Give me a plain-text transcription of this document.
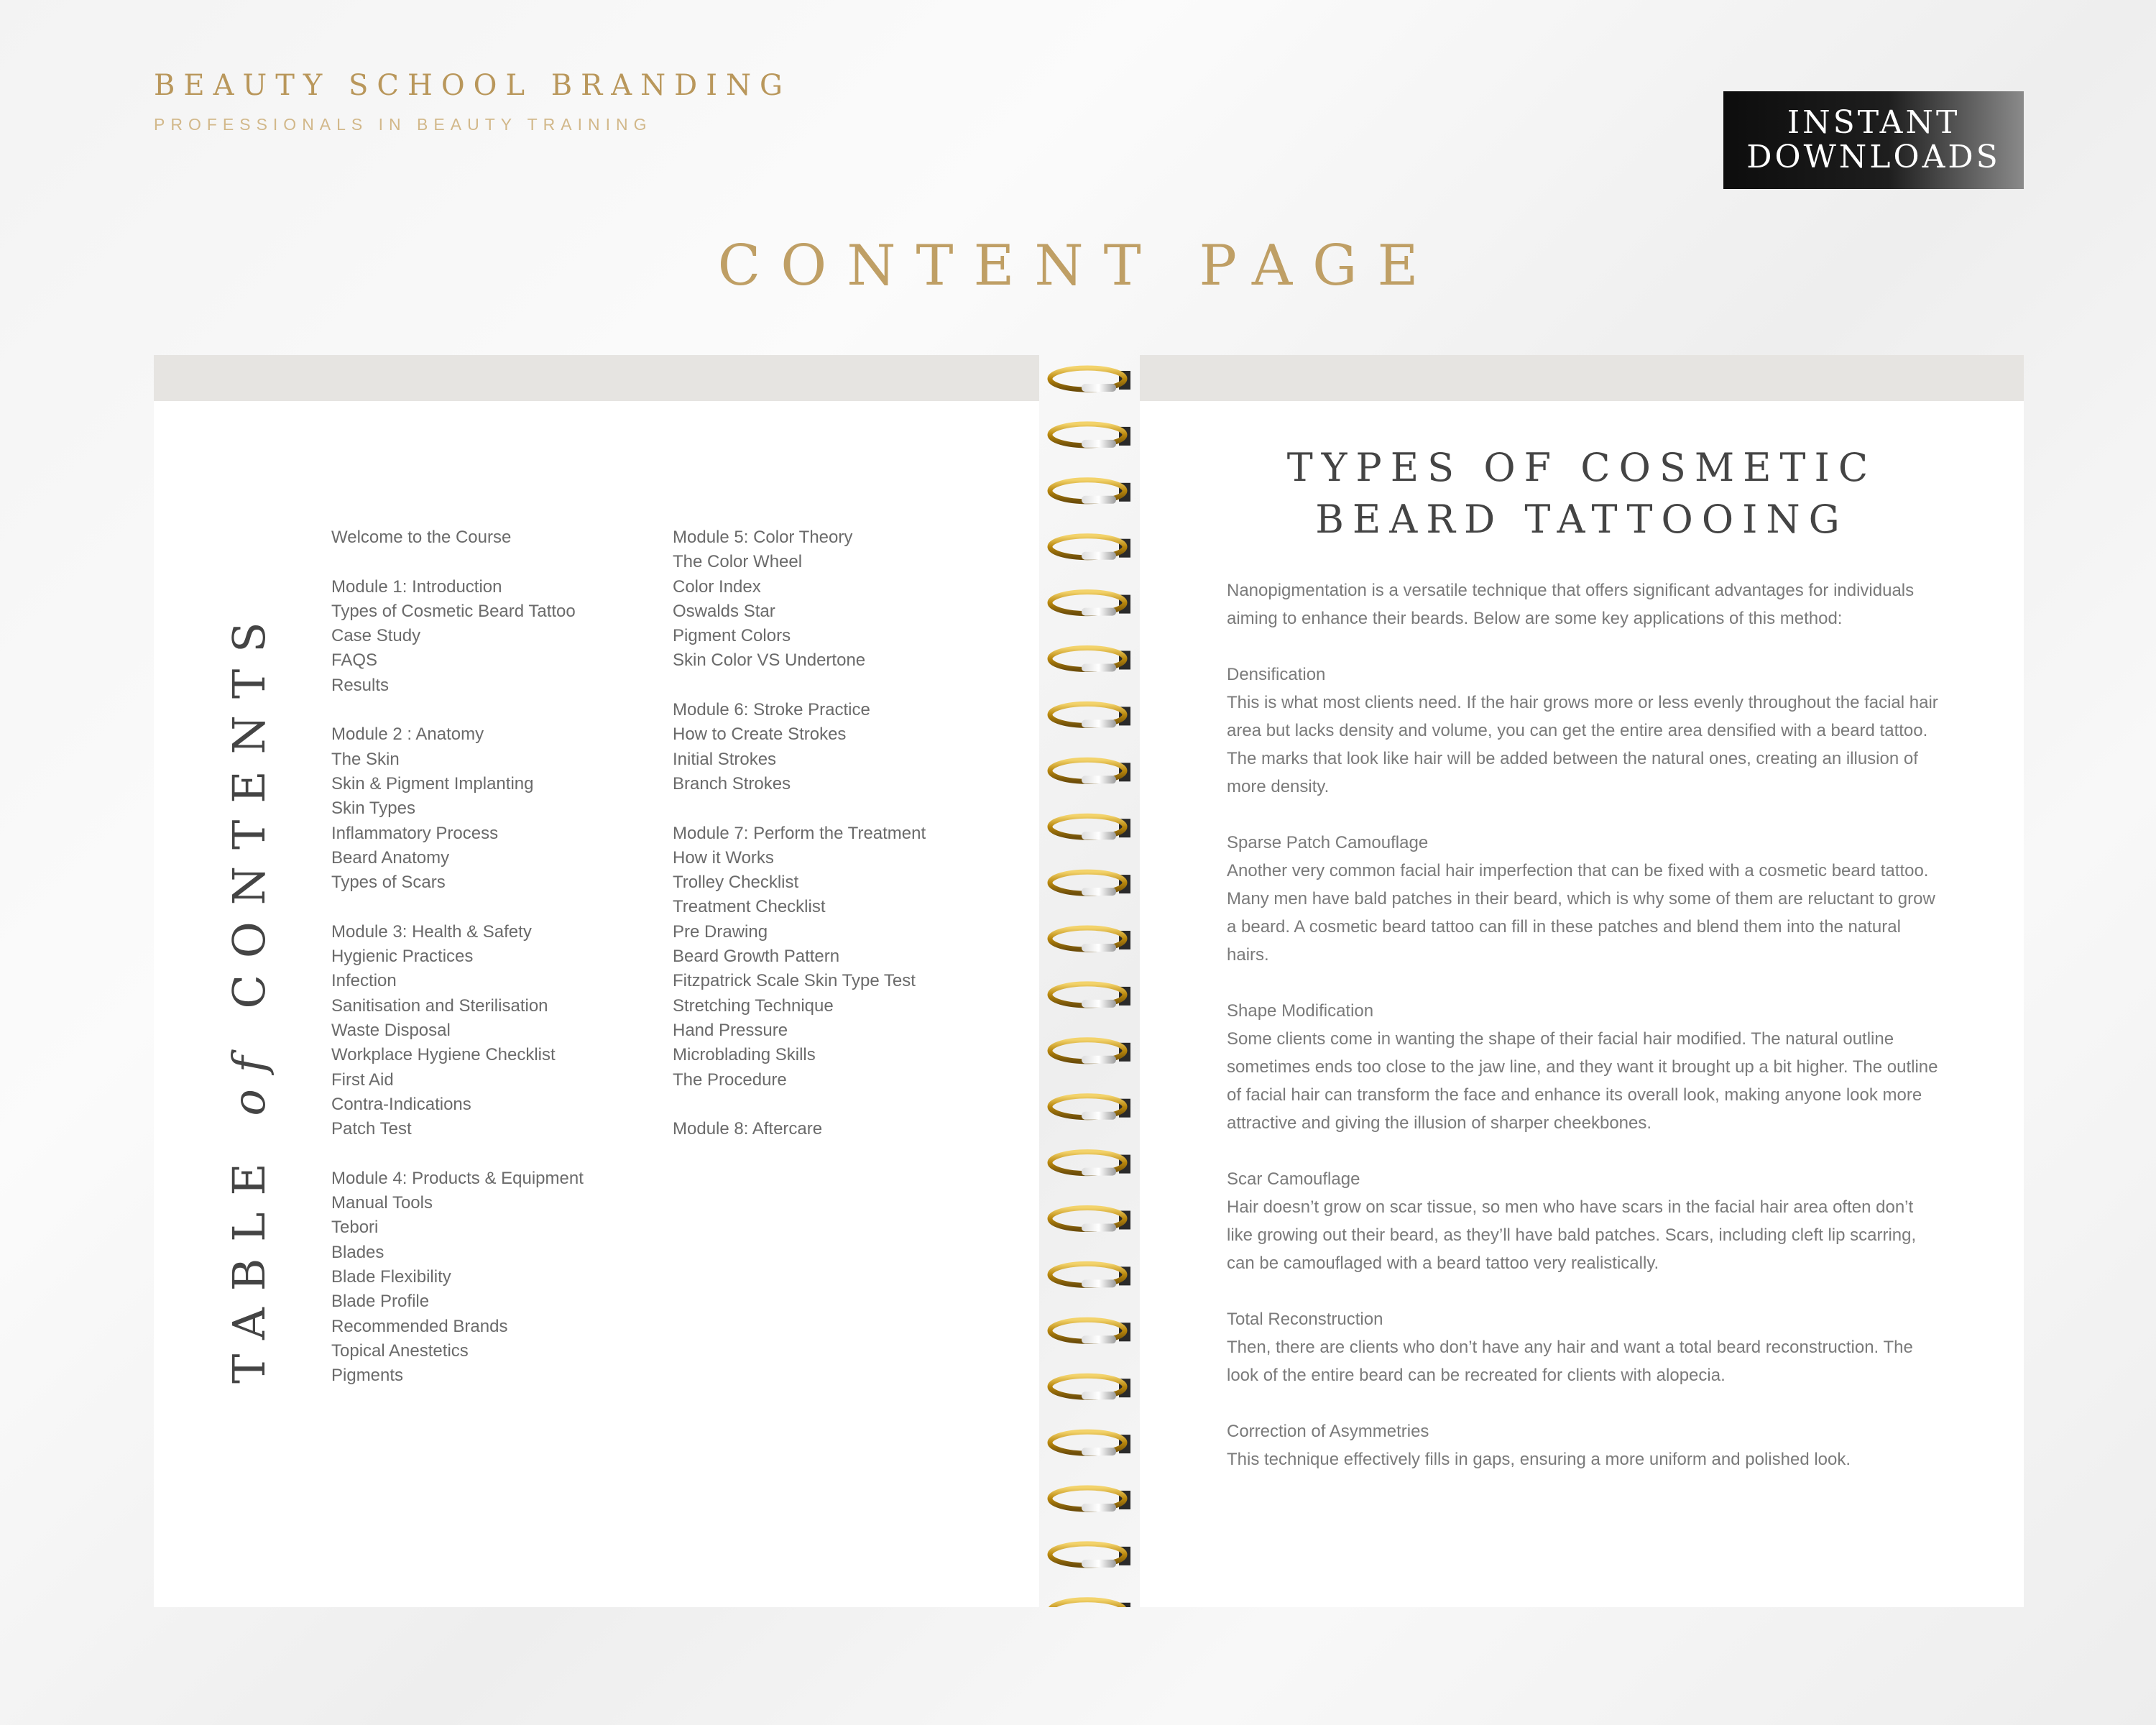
BEAUTY SCHOOL BRANDING
PROFESSIONALS IN BEAUTY TRAINING	INSTANT
DOWNLOADS
CONTENT PAGE
TABLE of CONTENTS
Welcome to the Course
Module 1: Introduction
Types of Cosmetic Beard Tattoo
Case Study
FAQS
Results
Module 2 : Anatomy
The Skin
Skin & Pigment Implanting
Skin Types
Inflammatory Process
Beard Anatomy
Types of Scars
Module 3: Health & Safety
Hygienic Practices
Infection
Sanitisation and Sterilisation
Waste Disposal
Workplace Hygiene Checklist
First Aid
Contra-Indications
Patch Test
Module 4: Products & Equipment
Manual Tools
Tebori
Blades
Blade Flexibility
Blade Profile
Recommended Brands
Topical Anestetics
Pigments
Module 5: Color Theory
The Color Wheel
Color Index
Oswalds Star
Pigment Colors
Skin Color VS Undertone
Module 6: Stroke Practice
How to Create Strokes
Initial Strokes
Branch Strokes
Module 7: Perform the Treatment
How it Works
Trolley Checklist
Treatment Checklist
Pre Drawing
Beard Growth Pattern
Fitzpatrick Scale Skin Type Test
Stretching Technique
Hand Pressure
Microblading Skills
The Procedure
Module 8: Aftercare
TYPES OF COSMETIC
BEARD TATTOOING

Nanopigmentation is a versatile technique that offers significant advantages for individuals aiming to enhance their beards. Below are some key applications of this method:

Densification

This is what most clients need. If the hair grows more or less evenly throughout the facial hair area but lacks density and volume, you can get the entire area densified with a beard tattoo. The marks that look like hair will be added between the natural ones, creating an illusion of more density.

Sparse Patch Camouflage

Another very common facial hair imperfection that can be fixed with a cosmetic beard tattoo. Many men have bald patches in their beard, which is why some of them are reluctant to grow a beard. A cosmetic beard tattoo can fill in these patches and blend them into the natural hairs.

Shape Modification

Some clients come in wanting the shape of their facial hair modified. The natural outline sometimes ends too close to the jaw line, and they want it brought up a bit higher. The outline of facial hair can transform the face and enhance its overall look, making anyone look more attractive and giving the illusion of sharper cheekbones.

Scar Camouflage

Hair doesn’t grow on scar tissue, so men who have scars in the facial hair area often don’t like growing out their beard, as they’ll have bald patches. Scars, including cleft lip scarring, can be camouflaged with a beard tattoo very realistically.

Total Reconstruction

Then, there are clients who don’t have any hair and want a total beard reconstruction. The look of the entire beard can be recreated for clients with alopecia.

Correction of Asymmetries

This technique effectively fills in gaps, ensuring a more uniform and polished look.
